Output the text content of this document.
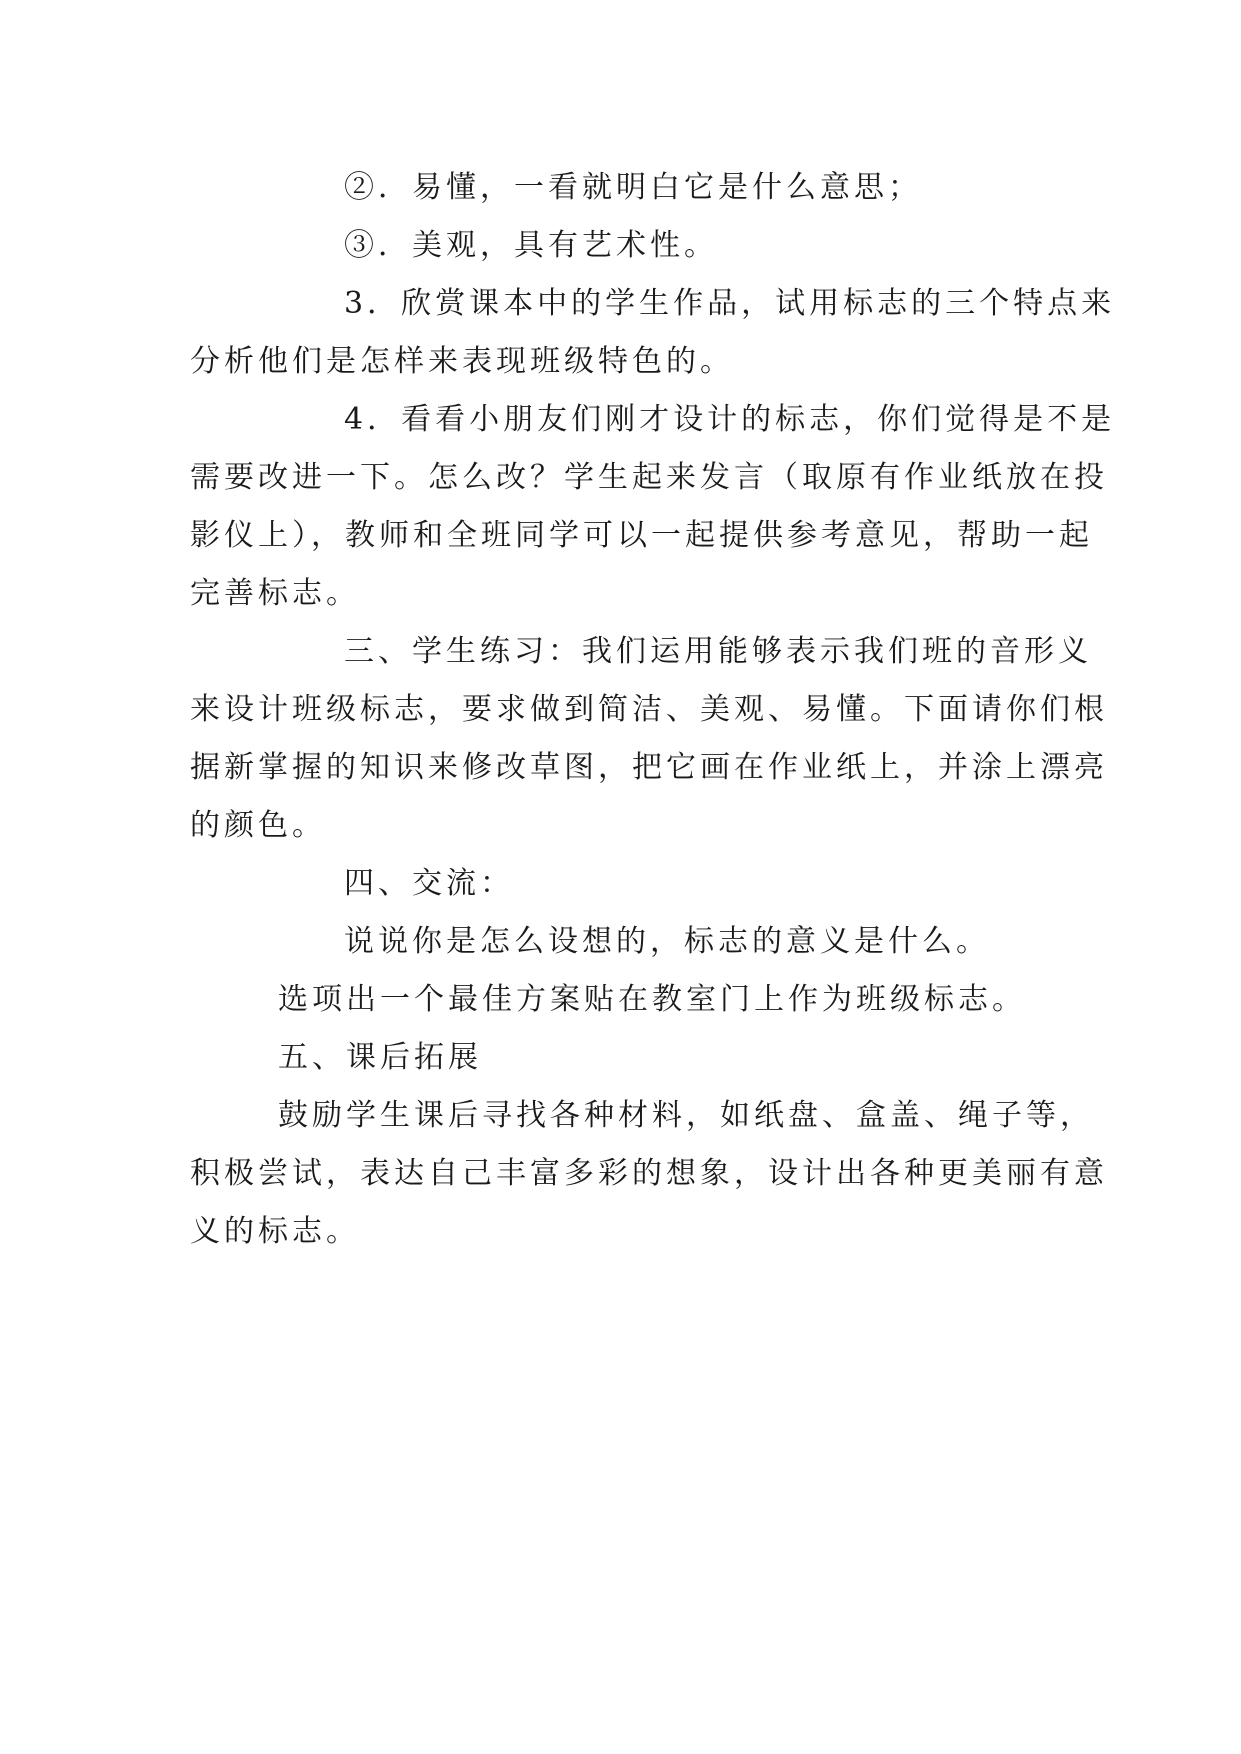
②．易懂，一看就明白它是什么意思；
③．美观，具有艺术性。
3．欣赏课本中的学生作品，试用标志的三个特点来
分析他们是怎样来表现班级特色的。
4．看看小朋友们刚才设计的标志，你们觉得是不是
需要改进一下。怎么改？学生起来发言（取原有作业纸放在投
影仪上），教师和全班同学可以一起提供参考意见，帮助一起
完善标志。
三、学生练习：我们运用能够表示我们班的音形义
来设计班级标志，要求做到简洁、美观、易懂。下面请你们根
据新掌握的知识来修改草图，把它画在作业纸上，并涂上漂亮
的颜色。
四、交流：
说说你是怎么设想的，标志的意义是什么。
选项出一个最佳方案贴在教室门上作为班级标志。
五、课后拓展
鼓励学生课后寻找各种材料，如纸盘、盒盖、绳子等，
积极尝试，表达自己丰富多彩的想象，设计出各种更美丽有意
义的标志。
